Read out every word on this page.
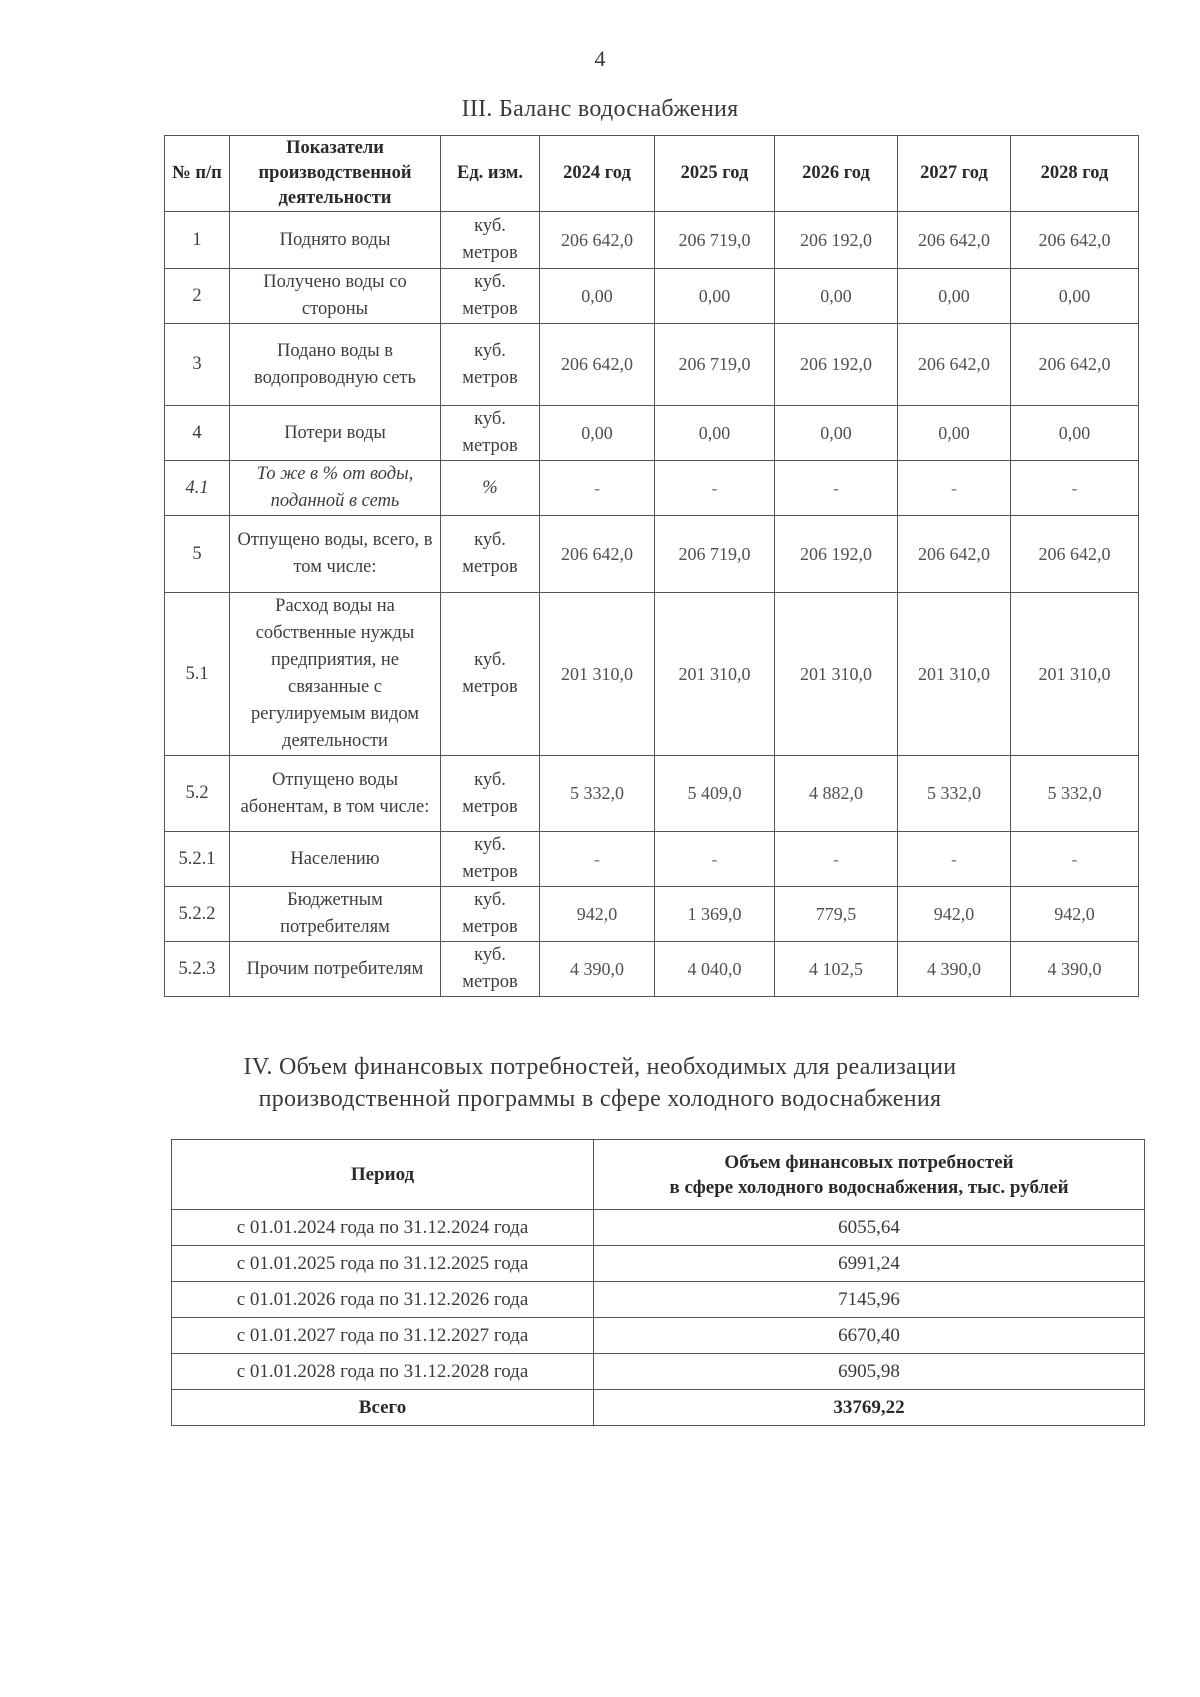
4
III. Баланс водоснабжения
№ п/п	Показатели производственной деятельности	Ед. изм.	2024 год	2025 год	2026 год	2027 год	2028 год
1	Поднято воды	куб. метров	206 642,0	206 719,0	206 192,0	206 642,0	206 642,0
2	Получено воды со стороны	куб. метров	0,00	0,00	0,00	0,00	0,00
3	Подано воды в водопроводную сеть	куб. метров	206 642,0	206 719,0	206 192,0	206 642,0	206 642,0
4	Потери воды	куб. метров	0,00	0,00	0,00	0,00	0,00
4.1	То же в % от воды, поданной в сеть	%	-	-	-	-	-
5	Отпущено воды, всего, в том числе:	куб. метров	206 642,0	206 719,0	206 192,0	206 642,0	206 642,0
5.1	Расход воды на собственные нужды предприятия, не связанные с регулируемым видом деятельности	куб. метров	201 310,0	201 310,0	201 310,0	201 310,0	201 310,0
5.2	Отпущено воды абонентам, в том числе:	куб. метров	5 332,0	5 409,0	4 882,0	5 332,0	5 332,0
5.2.1	Населению	куб. метров	-	-	-	-	-
5.2.2	Бюджетным потребителям	куб. метров	942,0	1 369,0	779,5	942,0	942,0
5.2.3	Прочим потребителям	куб. метров	4 390,0	4 040,0	4 102,5	4 390,0	4 390,0
IV. Объем финансовых потребностей, необходимых для реализации
производственной программы в сфере холодного водоснабжения
Период	Объем финансовых потребностей
в сфере холодного водоснабжения, тыс. рублей
с 01.01.2024 года по 31.12.2024 года	6055,64
с 01.01.2025 года по 31.12.2025 года	6991,24
с 01.01.2026 года по 31.12.2026 года	7145,96
с 01.01.2027 года по 31.12.2027 года	6670,40
с 01.01.2028 года по 31.12.2028 года	6905,98
Всего	33769,22
